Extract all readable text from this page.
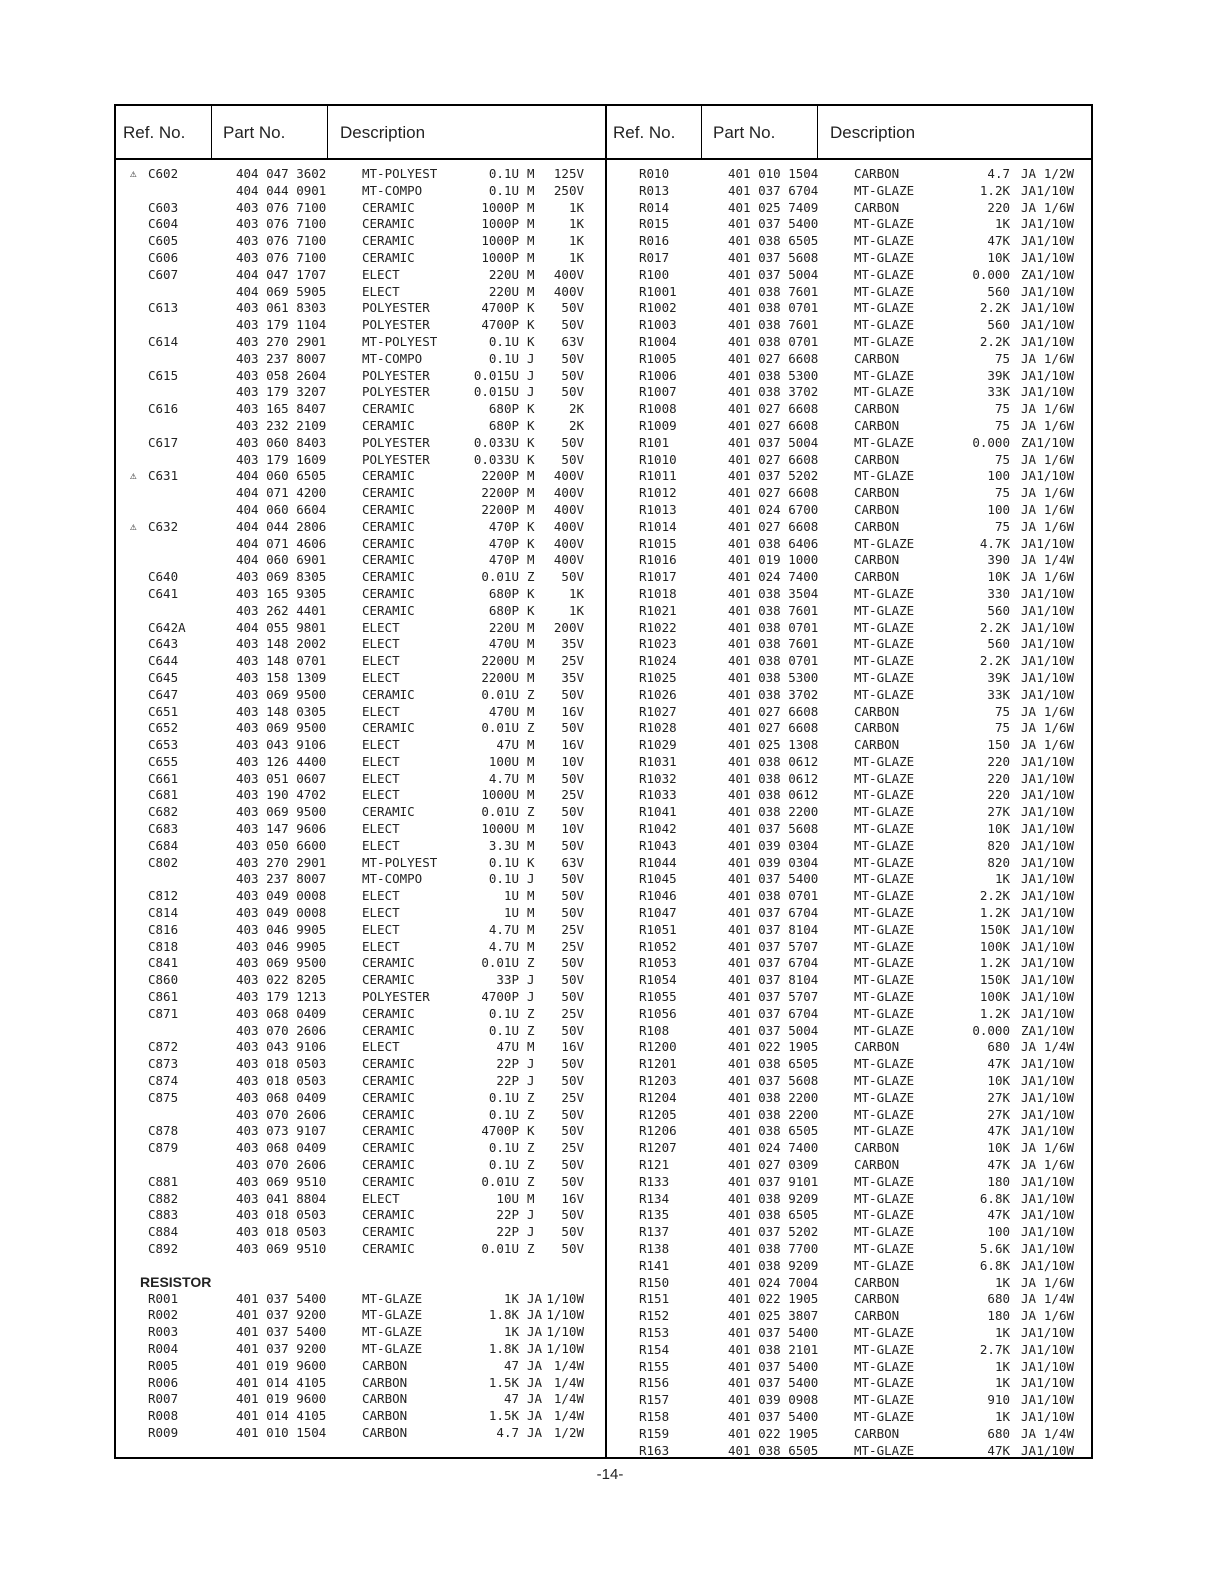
Ref. No. Part No.	Description	Ref. No. Part No.	Description
⚠ C602	404 047 3602	MT-POLYEST	0.1U M 125V
404 044 0901	MT-COMPO	0.1U M 250V
C603	403 076 7100	CERAMIC	1000P M	1K
C604	403 076 7100	CERAMIC	1000P M	1K
C605	403 076 7100	CERAMIC	1000P M	1K
C606	403 076 7100	CERAMIC	1000P M	1K
C607	404 047 1707	ELECT	220U M 400V
404 069 5905	ELECT	220U M 400V
C613	403 061 8303	POLYESTER	4700P K 50V
403 179 1104	POLYESTER	4700P K 50V
C614	403 270 2901	MT-POLYEST	0.1U K 63V
403 237 8007	MT-COMPO	0.1U J 50V
C615	403 058 2604	POLYESTER	0.015U J 50V
403 179 3207	POLYESTER	0.015U J 50V
C616	403 165 8407	CERAMIC	680P K	2K
403 232 2109	CERAMIC	680P K	2K
C617	403 060 8403	POLYESTER	0.033U K 50V
403 179 1609	POLYESTER	0.033U K 50V
⚠ C631	404 060 6505	CERAMIC	2200P M 400V
404 071 4200	CERAMIC	2200P M 400V
404 060 6604	CERAMIC	2200P M 400V
⚠ C632	404 044 2806	CERAMIC	470P K 400V
404 071 4606	CERAMIC	470P K 400V
404 060 6901	CERAMIC	470P M 400V
C640	403 069 8305	CERAMIC	0.01U Z 50V
C641	403 165 9305	CERAMIC	680P K	1K
403 262 4401	CERAMIC	680P K	1K
C642A	404 055 9801	ELECT	220U M 200V
C643	403 148 2002	ELECT	470U M 35V
C644	403 148 0701	ELECT	2200U M 25V
C645	403 158 1309	ELECT	2200U M 35V
C647	403 069 9500	CERAMIC	0.01U Z 50V
C651	403 148 0305	ELECT	470U M 16V
C652	403 069 9500	CERAMIC	0.01U Z 50V
C653	403 043 9106	ELECT	47U M 16V
C655	403 126 4400	ELECT	100U M 10V
C661	403 051 0607	ELECT	4.7U M 50V
C681	403 190 4702	ELECT	1000U M 25V
C682	403 069 9500	CERAMIC	0.01U Z 50V
C683	403 147 9606	ELECT	1000U M 10V
C684	403 050 6600	ELECT	3.3U M 50V
C802	403 270 2901	MT-POLYEST	0.1U K 63V
403 237 8007	MT-COMPO	0.1U J 50V
C812	403 049 0008	ELECT	1U M 50V
C814	403 049 0008	ELECT	1U M 50V
C816	403 046 9905	ELECT	4.7U M 25V
C818	403 046 9905	ELECT	4.7U M 25V
C841	403 069 9500	CERAMIC	0.01U Z 50V
C860	403 022 8205	CERAMIC	33P J 50V
C861	403 179 1213	POLYESTER	4700P J 50V
C871	403 068 0409	CERAMIC	0.1U Z 25V
403 070 2606	CERAMIC	0.1U Z 50V
C872	403 043 9106	ELECT	47U M 16V
C873	403 018 0503	CERAMIC	22P J 50V
C874	403 018 0503	CERAMIC	22P J 50V
C875	403 068 0409	CERAMIC	0.1U Z 25V
403 070 2606	CERAMIC	0.1U Z 50V
C878	403 073 9107	CERAMIC	4700P K 50V
C879	403 068 0409	CERAMIC	0.1U Z 25V
403 070 2606	CERAMIC	0.1U Z 50V
C881	403 069 9510	CERAMIC	0.01U Z 50V
C882	403 041 8804	ELECT	10U M 16V
C883	403 018 0503	CERAMIC	22P J 50V
C884	403 018 0503	CERAMIC	22P J 50V
C892	403 069 9510	CERAMIC	0.01U Z 50V
RESISTOR
R001	401 037 5400	MT-GLAZE	1K JA 1/10W
R002	401 037 9200	MT-GLAZE	1.8K JA 1/10W
R003	401 037 5400	MT-GLAZE	1K JA 1/10W
R004	401 037 9200	MT-GLAZE	1.8K JA 1/10W
R005	401 019 9600	CARBON	47 JA 1/4W
R006	401 014 4105	CARBON	1.5K JA 1/4W
R007	401 019 9600	CARBON	47 JA 1/4W
R008	401 014 4105	CARBON	1.5K JA 1/4W
R009	401 010 1504	CARBON	4.7 JA 1/2W
R010	401 010 1504	CARBON	4.7 JA 1/2W
R013	401 037 6704	MT-GLAZE	1.2K JA 1/10W
R014	401 025 7409	CARBON	220 JA 1/6W
R015	401 037 5400	MT-GLAZE	1K JA 1/10W
R016	401 038 6505	MT-GLAZE	47K JA 1/10W
R017	401 037 5608	MT-GLAZE	10K JA 1/10W
R100	401 037 5004	MT-GLAZE	0.000 ZA 1/10W
R1001	401 038 7601	MT-GLAZE	560 JA 1/10W
R1002	401 038 0701	MT-GLAZE	2.2K JA 1/10W
R1003	401 038 7601	MT-GLAZE	560 JA 1/10W
R1004	401 038 0701	MT-GLAZE	2.2K JA 1/10W
R1005	401 027 6608	CARBON	75 JA 1/6W
R1006	401 038 5300	MT-GLAZE	39K JA 1/10W
R1007	401 038 3702	MT-GLAZE	33K JA 1/10W
R1008	401 027 6608	CARBON	75 JA 1/6W
R1009	401 027 6608	CARBON	75 JA 1/6W
R101	401 037 5004	MT-GLAZE	0.000 ZA 1/10W
R1010	401 027 6608	CARBON	75 JA 1/6W
R1011	401 037 5202	MT-GLAZE	100 JA 1/10W
R1012	401 027 6608	CARBON	75 JA 1/6W
R1013	401 024 6700	CARBON	100 JA 1/6W
R1014	401 027 6608	CARBON	75 JA 1/6W
R1015	401 038 6406	MT-GLAZE	4.7K JA 1/10W
R1016	401 019 1000	CARBON	390 JA 1/4W
R1017	401 024 7400	CARBON	10K JA 1/6W
R1018	401 038 3504	MT-GLAZE	330 JA 1/10W
R1021	401 038 7601	MT-GLAZE	560 JA 1/10W
R1022	401 038 0701	MT-GLAZE	2.2K JA 1/10W
R1023	401 038 7601	MT-GLAZE	560 JA 1/10W
R1024	401 038 0701	MT-GLAZE	2.2K JA 1/10W
R1025	401 038 5300	MT-GLAZE	39K JA 1/10W
R1026	401 038 3702	MT-GLAZE	33K JA 1/10W
R1027	401 027 6608	CARBON	75 JA 1/6W
R1028	401 027 6608	CARBON	75 JA 1/6W
R1029	401 025 1308	CARBON	150 JA 1/6W
R1031	401 038 0612	MT-GLAZE	220 JA 1/10W
R1032	401 038 0612	MT-GLAZE	220 JA 1/10W
R1033	401 038 0612	MT-GLAZE	220 JA 1/10W
R1041	401 038 2200	MT-GLAZE	27K JA 1/10W
R1042	401 037 5608	MT-GLAZE	10K JA 1/10W
R1043	401 039 0304	MT-GLAZE	820 JA 1/10W
R1044	401 039 0304	MT-GLAZE	820 JA 1/10W
R1045	401 037 5400	MT-GLAZE	1K JA 1/10W
R1046	401 038 0701	MT-GLAZE	2.2K JA 1/10W
R1047	401 037 6704	MT-GLAZE	1.2K JA 1/10W
R1051	401 037 8104	MT-GLAZE	150K JA 1/10W
R1052	401 037 5707	MT-GLAZE	100K JA 1/10W
R1053	401 037 6704	MT-GLAZE	1.2K JA 1/10W
R1054	401 037 8104	MT-GLAZE	150K JA 1/10W
R1055	401 037 5707	MT-GLAZE	100K JA 1/10W
R1056	401 037 6704	MT-GLAZE	1.2K JA 1/10W
R108	401 037 5004	MT-GLAZE	0.000 ZA 1/10W
R1200	401 022 1905	CARBON	680 JA 1/4W
R1201	401 038 6505	MT-GLAZE	47K JA 1/10W
R1203	401 037 5608	MT-GLAZE	10K JA 1/10W
R1204	401 038 2200	MT-GLAZE	27K JA 1/10W
R1205	401 038 2200	MT-GLAZE	27K JA 1/10W
R1206	401 038 6505	MT-GLAZE	47K JA 1/10W
R1207	401 024 7400	CARBON	10K JA 1/6W
R121	401 027 0309	CARBON	47K JA 1/6W
R133	401 037 9101	MT-GLAZE	180 JA 1/10W
R134	401 038 9209	MT-GLAZE	6.8K JA 1/10W
R135	401 038 6505	MT-GLAZE	47K JA 1/10W
R137	401 037 5202	MT-GLAZE	100 JA 1/10W
R138	401 038 7700	MT-GLAZE	5.6K JA 1/10W
R141	401 038 9209	MT-GLAZE	6.8K JA 1/10W
R150	401 024 7004	CARBON	1K JA 1/6W
R151	401 022 1905	CARBON	680 JA 1/4W
R152	401 025 3807	CARBON	180 JA 1/6W
R153	401 037 5400	MT-GLAZE	1K JA 1/10W
R154	401 038 2101	MT-GLAZE	2.7K JA 1/10W
R155	401 037 5400	MT-GLAZE	1K JA 1/10W
R156	401 037 5400	MT-GLAZE	1K JA 1/10W
R157	401 039 0908	MT-GLAZE	910 JA 1/10W
R158	401 037 5400	MT-GLAZE	1K JA 1/10W
R159	401 022 1905	CARBON	680 JA 1/4W
R163	401 038 6505	MT-GLAZE	47K JA 1/10W
-14-
